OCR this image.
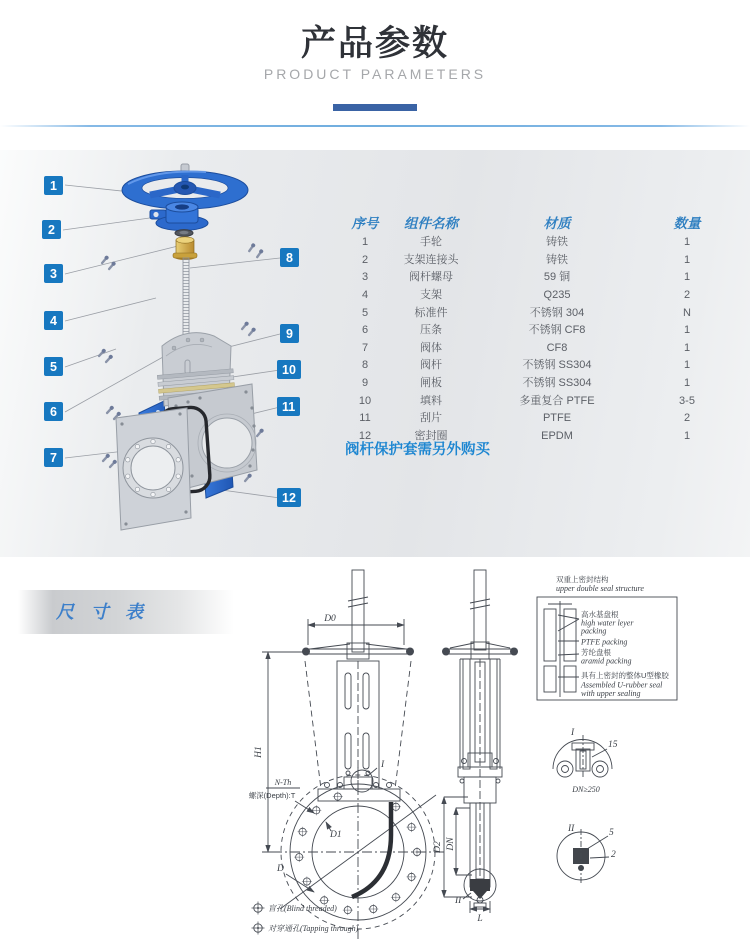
产品参数
PRODUCT PARAMETERS
1
2
3
4
5
6
7
8
9
10
11
12
序号	组件名称	材质	数量
1	手轮	铸铁	1
2	支架连接头	铸铁	1
3	阀杆螺母	59 铜	1
4	支架	Q235	2
5	标准件	不锈钢 304	N
6	压条	不锈钢 CF8	1
7	阀体	CF8	1
8	阀杆	不锈钢 SS304	1
9	闸板	不锈钢 SS304	1
10	填料	多重复合 PTFE	3-5
11	刮片	PTFE	2
12	密封圈	EPDM	1
阀杆保护套需另外购买
尺 寸 表	D0
H1
I
N-Th
螺深(Depth):T
D1
D
II
D2 DN
L
双重上密封结构
upper double seal structure
高水基盘根
high water leyer
packing
PTFE packing
芳纶盘根
aramid packing
具有上密封的整体U型橡胶
Assembled U-rubber seal
with upper sealing
I
15
DN≥250
II	5
2
盲孔(Blind threaded)
对穿通孔(Tapping through)
